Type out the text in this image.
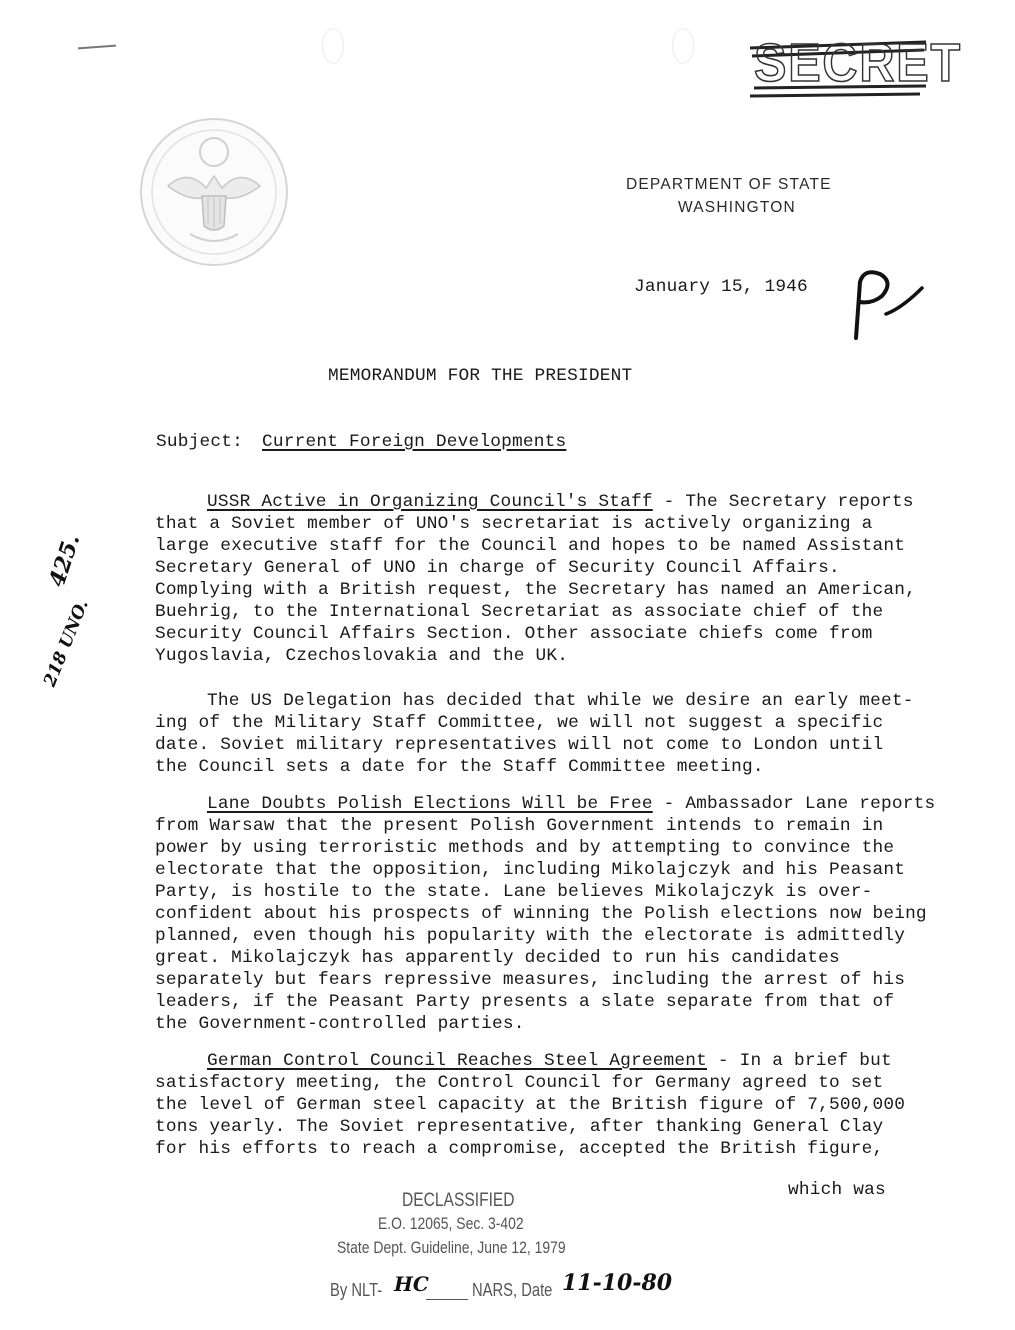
SECRET
DEPARTMENT OF STATE
WASHINGTON
January 15, 1946
MEMORANDUM FOR THE PRESIDENT
Subject: Current Foreign Developments
425.
218 UNO.
USSR Active in Organizing Council's Staff - The Secretary reports
that a Soviet member of UNO's secretariat is actively organizing a
large executive staff for the Council and hopes to be named Assistant
Secretary General of UNO in charge of Security Council Affairs.
Complying with a British request, the Secretary has named an American,
Buehrig, to the International Secretariat as associate chief of the
Security Council Affairs Section. Other associate chiefs come from
Yugoslavia, Czechoslovakia and the UK.
The US Delegation has decided that while we desire an early meet-
ing of the Military Staff Committee, we will not suggest a specific
date. Soviet military representatives will not come to London until
the Council sets a date for the Staff Committee meeting.
Lane Doubts Polish Elections Will be Free - Ambassador Lane reports
from Warsaw that the present Polish Government intends to remain in
power by using terroristic methods and by attempting to convince the
electorate that the opposition, including Mikolajczyk and his Peasant
Party, is hostile to the state. Lane believes Mikolajczyk is over-
confident about his prospects of winning the Polish elections now being
planned, even though his popularity with the electorate is admittedly
great. Mikolajczyk has apparently decided to run his candidates
separately but fears repressive measures, including the arrest of his
leaders, if the Peasant Party presents a slate separate from that of
the Government-controlled parties.
German Control Council Reaches Steel Agreement - In a brief but
satisfactory meeting, the Control Council for Germany agreed to set
the level of German steel capacity at the British figure of 7,500,000
tons yearly. The Soviet representative, after thanking General Clay
for his efforts to reach a compromise, accepted the British figure,
which was
DECLASSIFIED
E.O. 12065, Sec. 3-402
State Dept. Guideline, June 12, 1979
By NLT- HC NARS, Date 11-10-80
